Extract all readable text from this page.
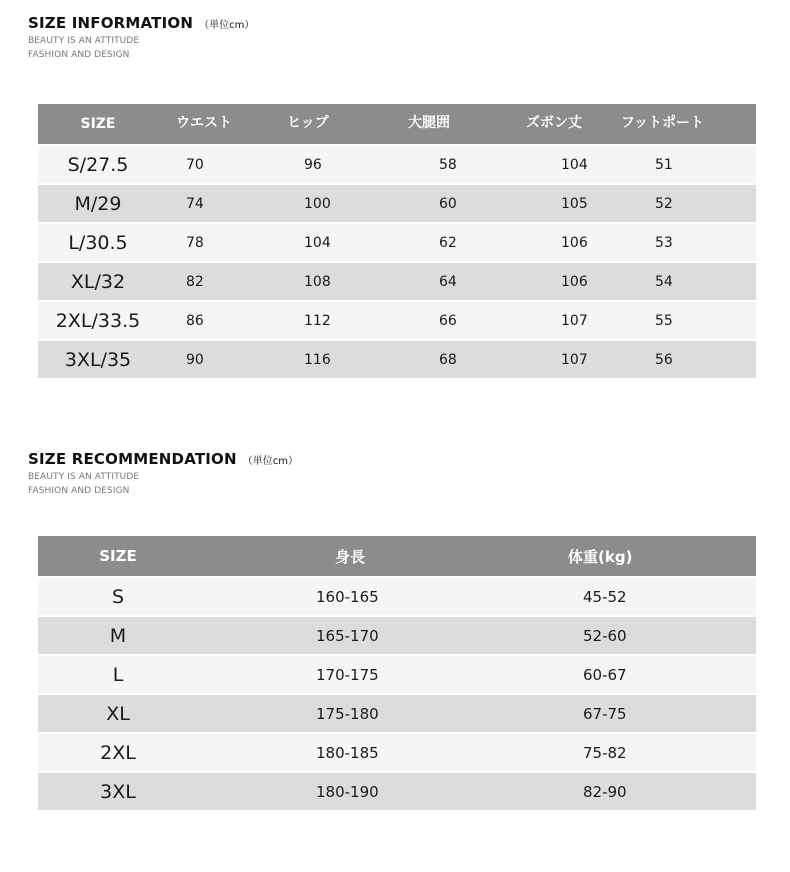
SIZE INFORMATION （単位cm）
BEAUTY IS AN ATTITUDE
FASHION AND DESIGN
SIZE	ウエスト	ヒップ	大腿囲	ズボン丈	フットポート
S/27.5	70	96	58	104	51
M/29	74	100	60	105	52
L/30.5	78	104	62	106	53
XL/32	82	108	64	106	54
2XL/33.5	86	112	66	107	55
3XL/35	90	116	68	107	56
SIZE RECOMMENDATION （単位cm）
BEAUTY IS AN ATTITUDE
FASHION AND DESIGN
SIZE	身長	体重(kg)
S	160-165	45-52
M	165-170	52-60
L	170-175	60-67
XL	175-180	67-75
2XL	180-185	75-82
3XL	180-190	82-90
